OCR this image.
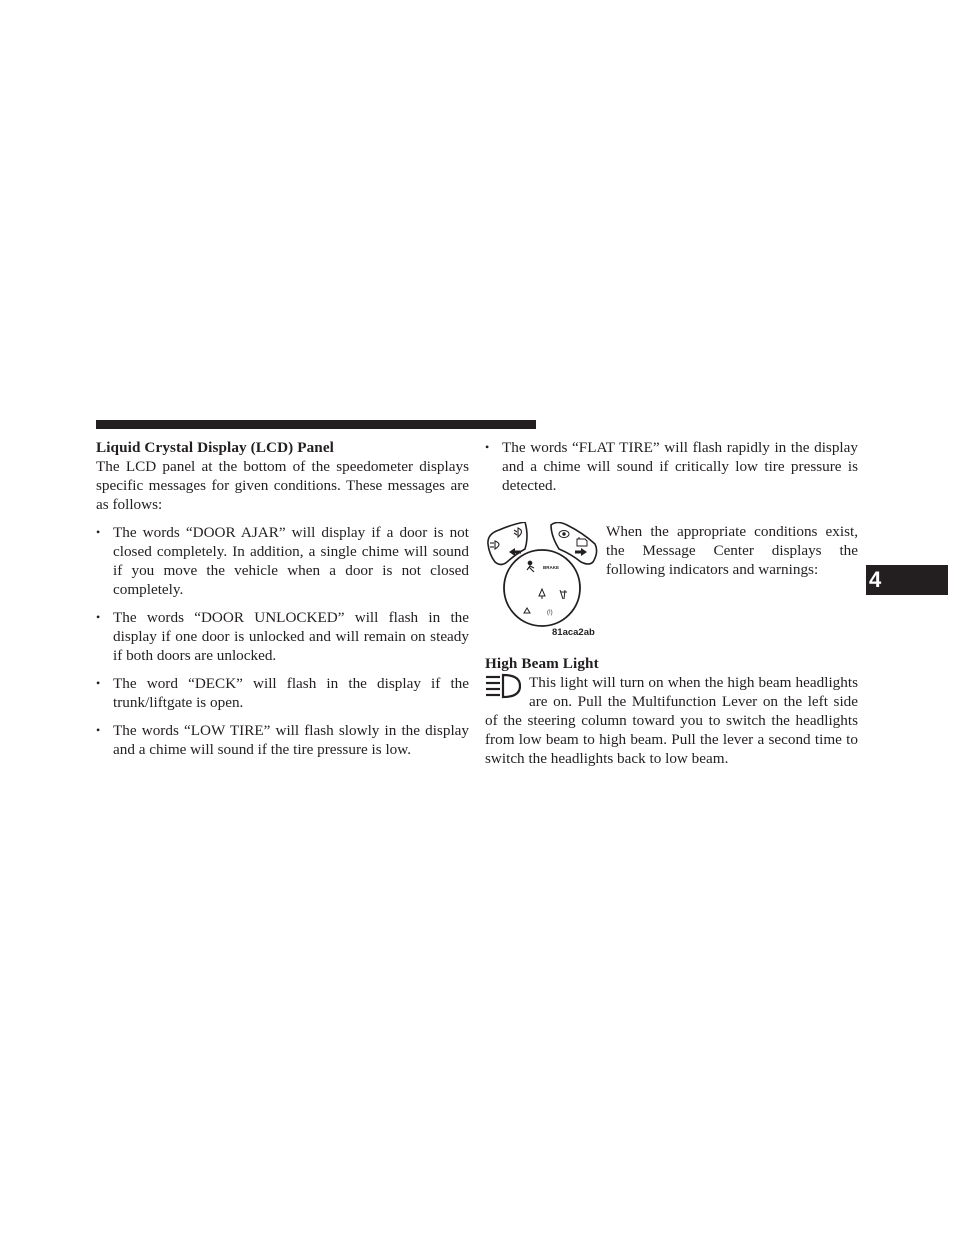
Liquid Crystal Display (LCD) Panel

The LCD panel at the bottom of the speedometer displays specific messages for given conditions. These messages are as follows:

• The words “DOOR AJAR” will display if a door is not closed completely. In addition, a single chime will sound if you move the vehicle when a door is not closed completely.
• The words “DOOR UNLOCKED” will flash in the display if one door is unlocked and will remain on steady if both doors are unlocked.
• The word “DECK” will flash in the display if the trunk/liftgate is open.
• The words “LOW TIRE” will flash slowly in the display and a chime will sound if the tire pressure is low.
• The words “FLAT TIRE” will flash rapidly in the display and a chime will sound if critically low tire pressure is detected.
BRAKE
(!)
81aca2ab

When the appropriate conditions exist, the Message Center displays the following indicators and warnings:

High Beam Light

This light will turn on when the high beam headlights are on. Pull the Multifunction Lever on the left side of the steering column toward you to switch the headlights from low beam to high beam. Pull the lever a second time to switch the headlights back to low beam.

4
